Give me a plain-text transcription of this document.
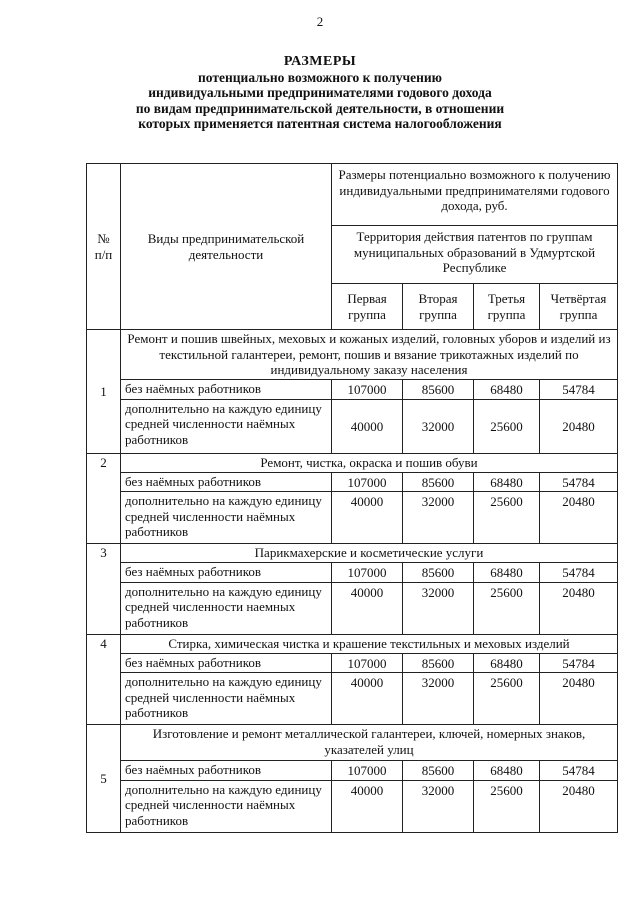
2
РАЗМЕРЫ
потенциально возможного к получению
индивидуальными предпринимателями годового дохода
по видам предпринимательской деятельности, в отношении
которых применяется патентная система налогообложения
№ п/п	Виды предпринимательской деятельности	Размеры потенциально возможного к получению индивидуальными предпринимателями годового дохода, руб.			
		Территория действия патентов по группам муниципальных образований в Удмуртской Республике			
		Первая группа	Вторая группа	Третья группа	Четвёртая группа
1	Ремонт и пошив швейных, меховых и кожаных изделий, головных уборов и изделий из текстильной галантереи, ремонт, пошив и вязание трикотажных изделий по индивидуальному заказу населения				
	без наёмных работников	107000	85600	68480	54784
	дополнительно на каждую единицу средней численности наёмных работников	40000	32000	25600	20480
2	Ремонт, чистка, окраска и пошив обуви				
	без наёмных работников	107000	85600	68480	54784
	дополнительно на каждую единицу средней численности наёмных работников	40000	32000	25600	20480
3	Парикмахерские и косметические услуги				
	без наёмных работников	107000	85600	68480	54784
	дополнительно на каждую единицу средней численности наемных работников	40000	32000	25600	20480
4	Стирка, химическая чистка и крашение текстильных и меховых изделий				
	без наёмных работников	107000	85600	68480	54784
	дополнительно на каждую единицу средней численности наёмных работников	40000	32000	25600	20480
5	Изготовление и ремонт металлической галантереи, ключей, номерных знаков, указателей улиц				
	без наёмных работников	107000	85600	68480	54784
	дополнительно на каждую единицу средней численности наёмных работников	40000	32000	25600	20480
